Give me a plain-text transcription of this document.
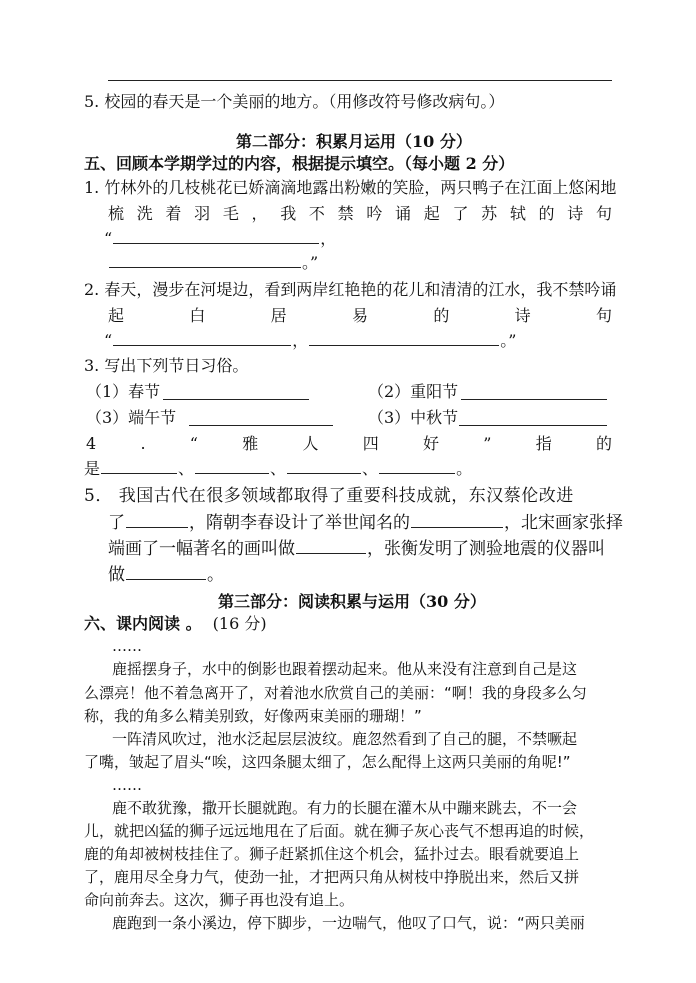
5. 校园的春天是一个美丽的地方。（用修改符号修改病句。）
第二部分：积累月运用（10 分）
五、回顾本学期学过的内容，根据提示填空。（每小题 2 分）
1. 竹林外的几枝桃花已娇滴滴地露出粉嫩的笑脸，两只鸭子在江面上悠闲地
梳 洗 着 羽 毛 ， 我 不 禁 吟 诵 起 了 苏 轼 的 诗 句
“	，
。”
2. 春天，漫步在河堤边，看到两岸红艳艳的花儿和清清的江水，我不禁吟诵
起	白	居	易	的	诗	句
“	，	。”
3. 写出下列节日习俗。
（1）春节	（2）重阳节
（3）端午节	（3）中秋节
4	.	“	雅	人	四	好	”	指	的
是	、	、	、	。
5． 我国古代在很多领域都取得了重要科技成就，东汉蔡伦改进
了	，隋朝李春设计了举世闻名的	，北宋画家张择
端画了一幅著名的画叫做	，张衡发明了测验地震的仪器叫
做	。
第三部分：阅读积累与运用（30 分）
六、课内阅读 。 (16 分)
……
鹿摇摆身子，水中的倒影也跟着摆动起来。他从来没有注意到自己是这
么漂亮！他不着急离开了，对着池水欣赏自己的美丽：“啊！我的身段多么匀
称，我的角多么精美别致，好像两束美丽的珊瑚！”
一阵清风吹过，池水泛起层层波纹。鹿忽然看到了自己的腿，不禁噘起
了嘴，皱起了眉头“唉，这四条腿太细了，怎么配得上这两只美丽的角呢!”
……
鹿不敢犹豫，撒开长腿就跑。有力的长腿在灌木从中蹦来跳去，不一会
儿，就把凶猛的狮子远远地甩在了后面。就在狮子灰心丧气不想再追的时候，
鹿的角却被树枝挂住了。狮子赶紧抓住这个机会，猛扑过去。眼看就要追上
了，鹿用尽全身力气，使劲一扯，才把两只角从树枝中挣脱出来，然后又拼
命向前奔去。这次，狮子再也没有追上。
鹿跑到一条小溪边，停下脚步，一边喘气，他叹了口气，说：“两只美丽
